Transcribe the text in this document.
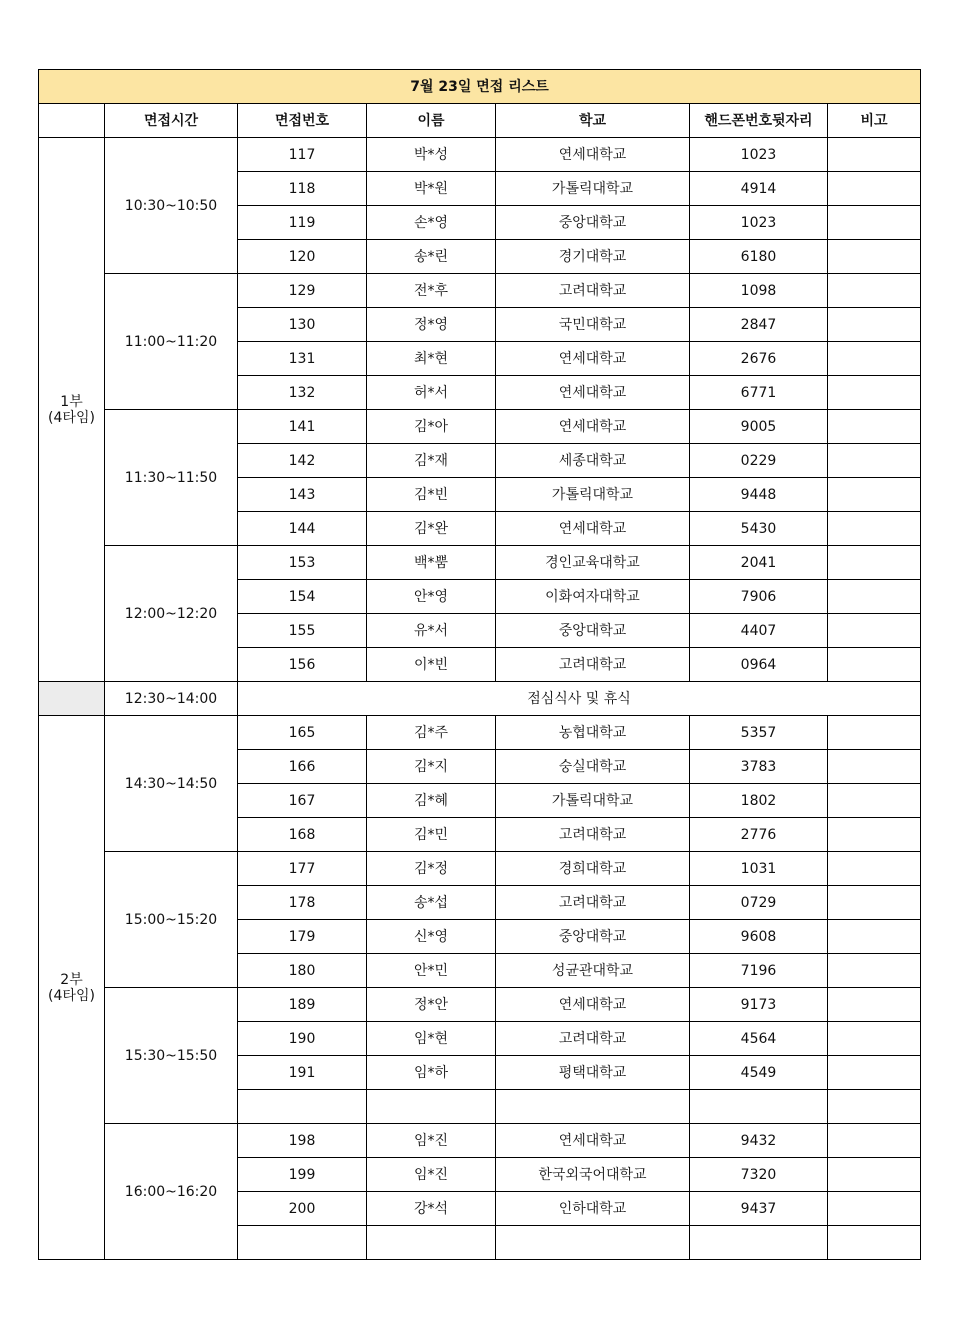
7월 23일 면접 리스트						
	면접시간	면접번호	이름	학교	핸드폰번호뒷자리	비고

1부
(4타임)	10:30~10:50	117	박*성	연세대학교	1023	
		118	박*원	가톨릭대학교	4914	
		119	손*영	중앙대학교	1023	
		120	송*린	경기대학교	6180	
	11:00~11:20	129	전*후	고려대학교	1098	
		130	정*영	국민대학교	2847	
		131	최*현	연세대학교	2676	
		132	허*서	연세대학교	6771	
	11:30~11:50	141	김*아	연세대학교	9005	
		142	김*재	세종대학교	0229	
		143	김*빈	가톨릭대학교	9448	
		144	김*완	연세대학교	5430	
	12:00~12:20	153	백*뿜	경인교육대학교	2041	
		154	안*영	이화여자대학교	7906	
		155	유*서	중앙대학교	4407	
		156	이*빈	고려대학교	0964	
	12:30~14:00	점심식사 및 휴식				

2부
(4타임)	14:30~14:50	165	김*주	농협대학교	5357	
		166	김*지	숭실대학교	3783	
		167	김*혜	가톨릭대학교	1802	
		168	김*민	고려대학교	2776	
	15:00~15:20	177	김*정	경희대학교	1031	
		178	송*섭	고려대학교	0729	
		179	신*영	중앙대학교	9608	
		180	안*민	성균관대학교	7196	
	15:30~15:50	189	정*안	연세대학교	9173	
		190	임*현	고려대학교	4564	
		191	임*하	평택대학교	4549	

	16:00~16:20	198	임*진	연세대학교	9432	
		199	임*진	한국외국어대학교	7320	
		200	강*석	인하대학교	9437	
